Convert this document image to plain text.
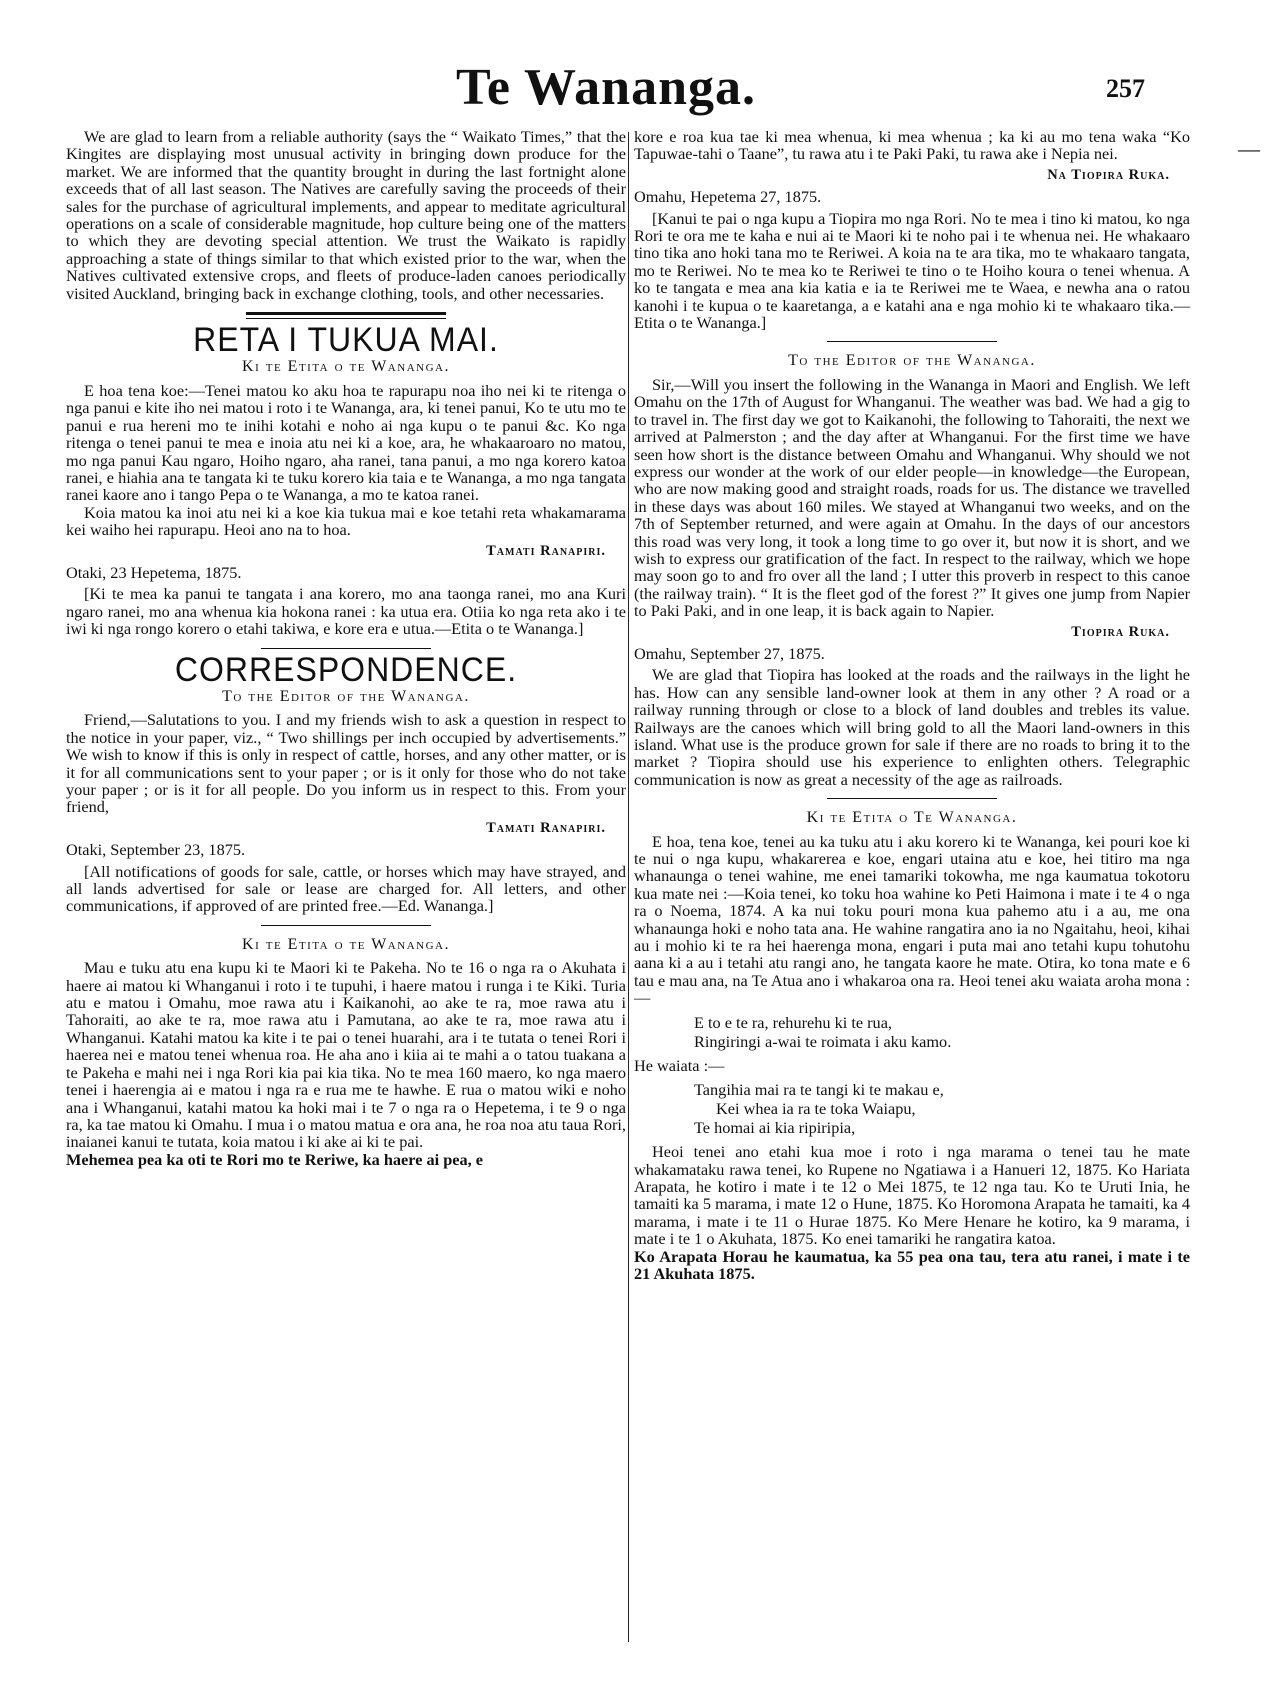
Te Wananga.	257
—

We are glad to learn from a reliable authority (says the “ Waikato Times,” that the Kingites are displaying most unusual activity in bringing down produce for the market. We are informed that the quantity brought in during the last fortnight alone exceeds that of all last season. The Natives are carefully saving the proceeds of their sales for the purchase of agricultural implements, and appear to meditate agricultural operations on a scale of considerable magnitude, hop culture being one of the matters to which they are devoting special attention. We trust the Waikato is rapidly approaching a state of things similar to that which existed prior to the war, when the Natives cultivated extensive crops, and fleets of produce-laden canoes periodically visited Auckland, bringing back in exchange clothing, tools, and other necessaries.

RETA I TUKUA MAI.
Ki te Etita o te Wananga.

E hoa tena koe:—Tenei matou ko aku hoa te rapurapu noa iho nei ki te ritenga o nga panui e kite iho nei matou i roto i te Wananga, ara, ki tenei panui, Ko te utu mo te panui e rua hereni mo te inihi kotahi e noho ai nga kupu o te panui &c. Ko nga ritenga o tenei panui te mea e inoia atu nei ki a koe, ara, he whakaaroaro no matou, mo nga panui Kau ngaro, Hoiho ngaro, aha ranei, tana panui, a mo nga korero katoa ranei, e hiahia ana te tangata ki te tuku korero kia taia e te Wananga, a mo nga tangata ranei kaore ano i tango Pepa o te Wananga, a mo te katoa ranei.

Koia matou ka inoi atu nei ki a koe kia tukua mai e koe tetahi reta whakamarama kei waiho hei rapurapu. Heoi ano na to hoa.

Tamati Ranapiri.

Otaki, 23 Hepetema, 1875.

[Ki te mea ka panui te tangata i ana korero, mo ana taonga ranei, mo ana Kuri ngaro ranei, mo ana whenua kia hokona ranei : ka utua era. Otiia ko nga reta ako i te iwi ki nga rongo korero o etahi takiwa, e kore era e utua.—Etita o te Wananga.]

CORRESPONDENCE.
To the Editor of the Wananga.

Friend,—Salutations to you. I and my friends wish to ask a question in respect to the notice in your paper, viz., “ Two shillings per inch occupied by advertisements.” We wish to know if this is only in respect of cattle, horses, and any other matter, or is it for all communications sent to your paper ; or is it only for those who do not take your paper ; or is it for all people. Do you inform us in respect to this. From your friend,

Tamati Ranapiri.

Otaki, September 23, 1875.

[All notifications of goods for sale, cattle, or horses which may have strayed, and all lands advertised for sale or lease are charged for. All letters, and other communications, if approved of are printed free.—Ed. Wananga.]

Ki te Etita o te Wananga.

Mau e tuku atu ena kupu ki te Maori ki te Pakeha. No te 16 o nga ra o Akuhata i haere ai matou ki Whanganui i roto i te tupuhi, i haere matou i runga i te Kiki. Turia atu e matou i Omahu, moe rawa atu i Kaikanohi, ao ake te ra, moe rawa atu i Tahoraiti, ao ake te ra, moe rawa atu i Pamutana, ao ake te ra, moe rawa atu i Whanganui. Katahi matou ka kite i te pai o tenei huarahi, ara i te tutata o tenei Rori i haerea nei e matou tenei whenua roa. He aha ano i kiia ai te mahi a o tatou tuakana a te Pakeha e mahi nei i nga Rori kia pai kia tika. No te mea 160 maero, ko nga maero tenei i haerengia ai e matou i nga ra e rua me te hawhe. E rua o matou wiki e noho ana i Whanganui, katahi matou ka hoki mai i te 7 o nga ra o Hepetema, i te 9 o nga ra, ka tae matou ki Omahu. I mua i o matou matua e ora ana, he roa noa atu taua Rori, inaianei kanui te tutata, koia matou i ki ake ai ki te pai.

Mehemea pea ka oti te Rori mo te Reriwe, ka haere ai pea, e

kore e roa kua tae ki mea whenua, ki mea whenua ; ka ki au mo tena waka “Ko Tapuwae-tahi o Taane”, tu rawa atu i te Paki Paki, tu rawa ake i Nepia nei.

Na Tiopira Ruka.

Omahu, Hepetema 27, 1875.

[Kanui te pai o nga kupu a Tiopira mo nga Rori. No te mea i tino ki matou, ko nga Rori te ora me te kaha e nui ai te Maori ki te noho pai i te whenua nei. He whakaaro tino tika ano hoki tana mo te Reriwei. A koia na te ara tika, mo te whakaaro tangata, mo te Reriwei. No te mea ko te Reriwei te tino o te Hoiho koura o tenei whenua. A ko te tangata e mea ana kia katia e ia te Reriwei me te Waea, e newha ana o ratou kanohi i te kupua o te kaaretanga, a e katahi ana e nga mohio ki te whakaaro tika.—Etita o te Wananga.]

To the Editor of the Wananga.

Sir,—Will you insert the following in the Wananga in Maori and English. We left Omahu on the 17th of August for Whanganui. The weather was bad. We had a gig to to travel in. The first day we got to Kaikanohi, the following to Tahoraiti, the next we arrived at Palmerston ; and the day after at Whanganui. For the first time we have seen how short is the distance between Omahu and Whanganui. Why should we not express our wonder at the work of our elder people—in knowledge—the European, who are now making good and straight roads, roads for us. The distance we travelled in these days was about 160 miles. We stayed at Whanganui two weeks, and on the 7th of September returned, and were again at Omahu. In the days of our ancestors this road was very long, it took a long time to go over it, but now it is short, and we wish to express our gratification of the fact. In respect to the railway, which we hope may soon go to and fro over all the land ; I utter this proverb in respect to this canoe (the railway train). “ It is the fleet god of the forest ?” It gives one jump from Napier to Paki Paki, and in one leap, it is back again to Napier.

Tiopira Ruka.

Omahu, September 27, 1875.

We are glad that Tiopira has looked at the roads and the railways in the light he has. How can any sensible land-owner look at them in any other ? A road or a railway running through or close to a block of land doubles and trebles its value. Railways are the canoes which will bring gold to all the Maori land-owners in this island. What use is the produce grown for sale if there are no roads to bring it to the market ? Tiopira should use his experience to enlighten others. Telegraphic communication is now as great a necessity of the age as railroads.

Ki te Etita o Te Wananga.

E hoa, tena koe, tenei au ka tuku atu i aku korero ki te Wananga, kei pouri koe ki te nui o nga kupu, whakarerea e koe, engari utaina atu e koe, hei titiro ma nga whanaunga o tenei wahine, me enei tamariki tokowha, me nga kaumatua tokotoru kua mate nei :—Koia tenei, ko toku hoa wahine ko Peti Haimona i mate i te 4 o nga ra o Noema, 1874. A ka nui toku pouri mona kua pahemo atu i a au, me ona whanaunga hoki e noho tata ana. He wahine rangatira ano ia no Ngaitahu, heoi, kihai au i mohio ki te ra hei haerenga mona, engari i puta mai ano tetahi kupu tohutohu aana ki a au i tetahi atu rangi ano, he tangata kaore he mate. Otira, ko tona mate e 6 tau e mau ana, na Te Atua ano i whakaroa ona ra. Heoi tenei aku waiata aroha mona :—

E to e te ra, rehurehu ki te rua,
Ringiringi a-wai te roimata i aku kamo.

He waiata :—

Tangihia mai ra te tangi ki te makau e,
Kei whea ia ra te toka Waiapu,
Te homai ai kia ripiripia,

Heoi tenei ano etahi kua moe i roto i nga marama o tenei tau he mate whakamataku rawa tenei, ko Rupene no Ngatiawa i a Hanueri 12, 1875. Ko Hariata Arapata, he kotiro i mate i te 12 o Mei 1875, te 12 nga tau. Ko te Uruti Inia, he tamaiti ka 5 marama, i mate 12 o Hune, 1875. Ko Horomona Arapata he tamaiti, ka 4 marama, i mate i te 11 o Hurae 1875. Ko Mere Henare he kotiro, ka 9 marama, i mate i te 1 o Akuhata, 1875. Ko enei tamariki he rangatira katoa.

Ko Arapata Horau he kaumatua, ka 55 pea ona tau, tera atu ranei, i mate i te 21 Akuhata 1875.
